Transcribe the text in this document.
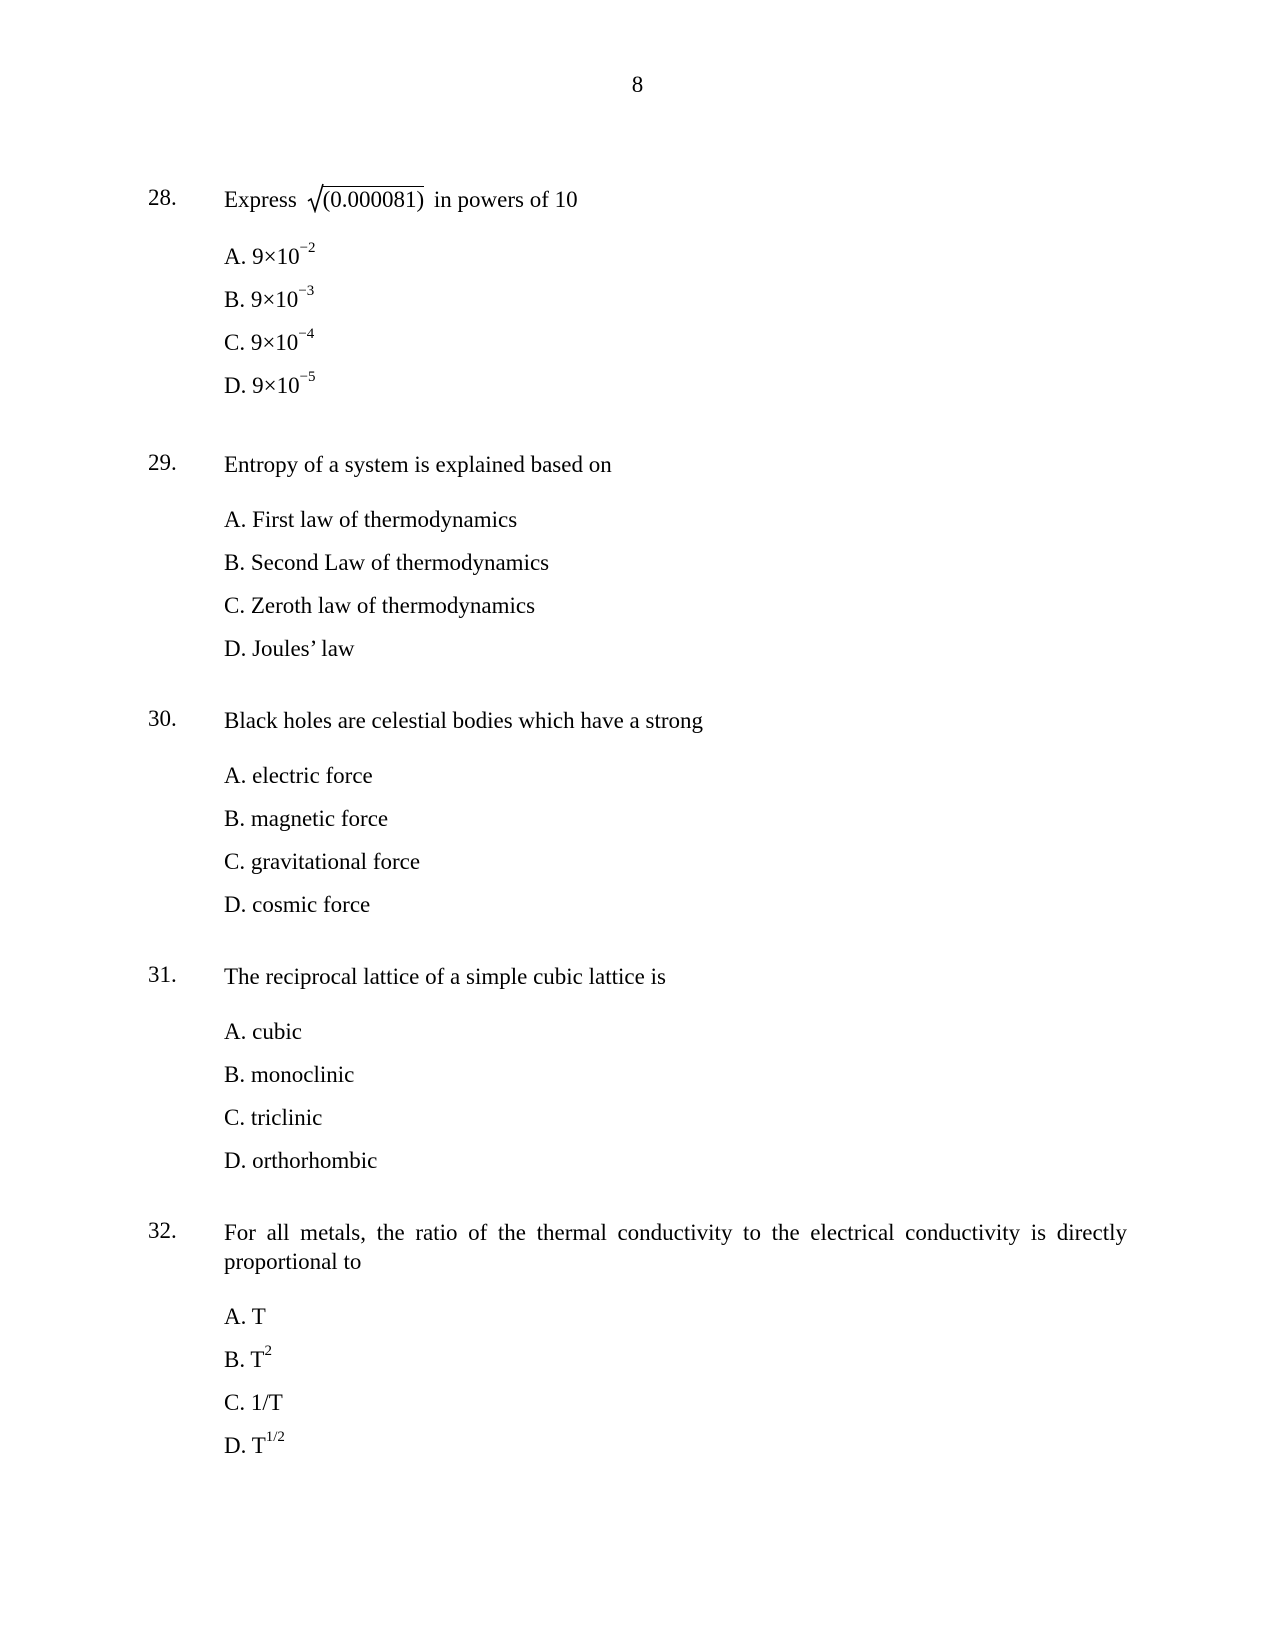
8
28. Express (0.000081) in powers of 10
A. $9\times 10^{-2}$
B. $9\times 10^{-3}$
C. $9\times 10^{-4}$
D. $9\times 10^{-5}$
29. Entropy of a system is explained based on
A. First law of thermodynamics
B. Second Law of thermodynamics
C. Zeroth law of thermodynamics
D. Joules’ law
30. Black holes are celestial bodies which have a strong
A. electric force
B. magnetic force
C. gravitational force
D. cosmic force
31. The reciprocal lattice of a simple cubic lattice is
A. cubic
B. monoclinic
C. triclinic
D. orthorhombic
32. For all metals, the ratio of the thermal conductivity to the electrical conductivity is directly proportional to
A. T
B. $T^2$
C. 1/T
D. $T^{1/2}$
